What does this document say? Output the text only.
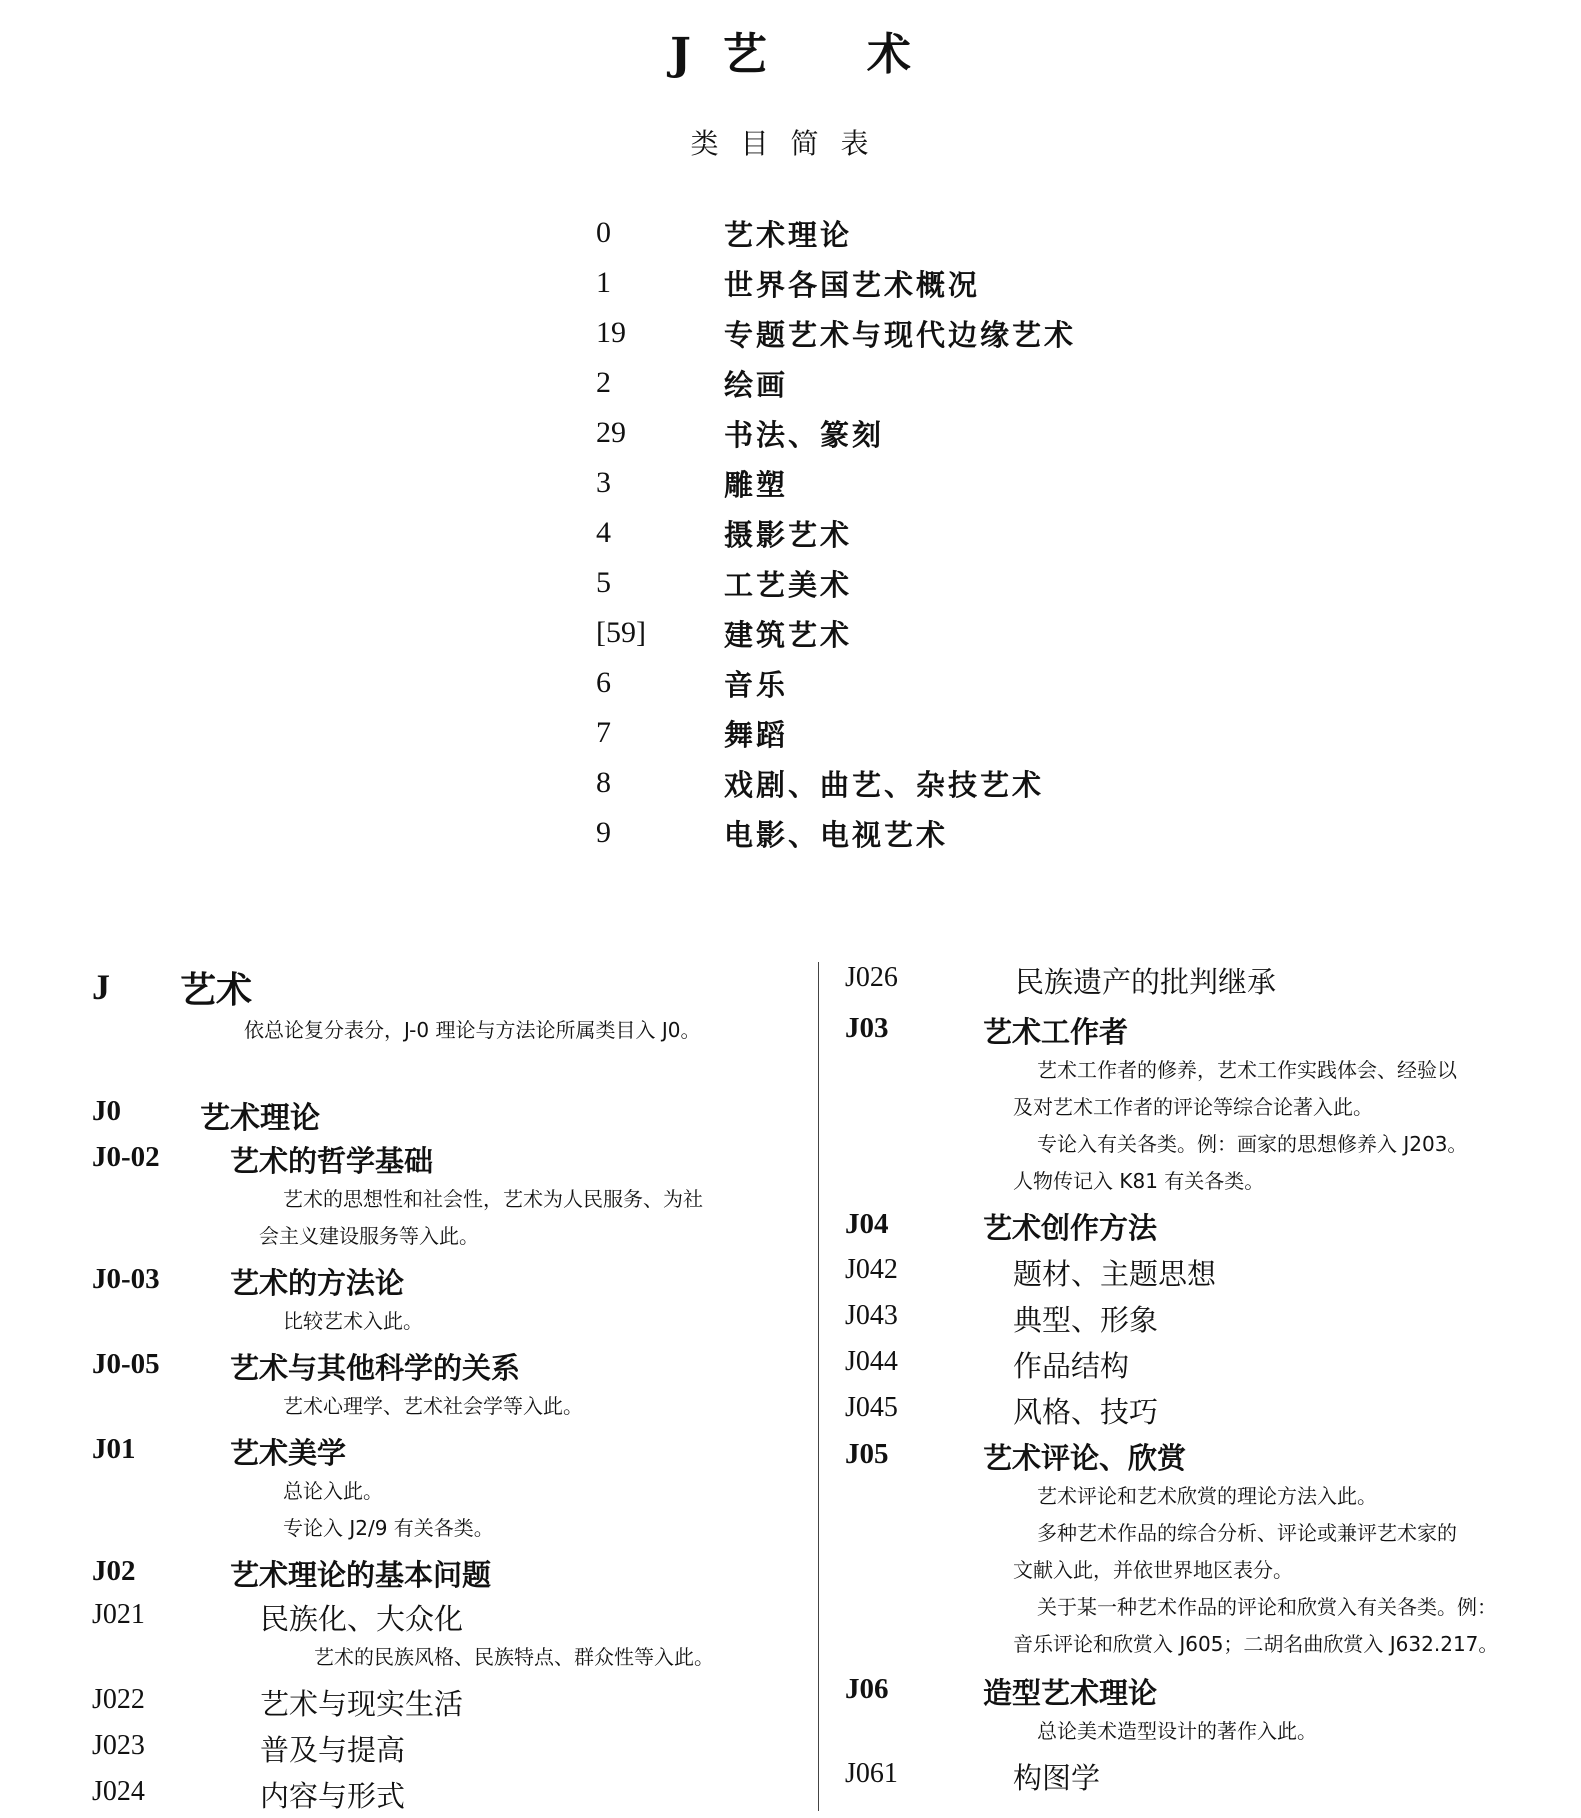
J 艺 术
类目简表
0	艺术理论
1	世界各国艺术概况
19	专题艺术与现代边缘艺术
2	绘画
29	书法、篆刻
3	雕塑
4	摄影艺术
5	工艺美术
[59]	建筑艺术
6	音乐
7	舞蹈
8	戏剧、曲艺、杂技艺术
9	电影、电视艺术
J 艺术
依总论复分表分，J-0 理论与方法论所属类目入 J0。
J0	艺术理论
J0-02 艺术的哲学基础
艺术的思想性和社会性，艺术为人民服务、为社
会主义建设服务等入此。
J0-03 艺术的方法论
比较艺术入此。
J0-05 艺术与其他科学的关系
艺术心理学、艺术社会学等入此。
J01	艺术美学
总论入此。
专论入 J2/9 有关各类。
J02	艺术理论的基本问题
J021	民族化、大众化
艺术的民族风格、民族特点、群众性等入此。
J022	艺术与现实生活
J023	普及与提高
J024	内容与形式
J026	民族遗产的批判继承
J03	艺术工作者
艺术工作者的修养，艺术工作实践体会、经验以
及对艺术工作者的评论等综合论著入此。
专论入有关各类。例：画家的思想修养入 J203。
人物传记入 K81 有关各类。
J04	艺术创作方法
J042	题材、主题思想
J043	典型、形象
J044	作品结构
J045	风格、技巧
J05	艺术评论、欣赏
艺术评论和艺术欣赏的理论方法入此。
多种艺术作品的综合分析、评论或兼评艺术家的
文献入此，并依世界地区表分。
关于某一种艺术作品的评论和欣赏入有关各类。例：
音乐评论和欣赏入 J605；二胡名曲欣赏入 J632.217。
J06	造型艺术理论
总论美术造型设计的著作入此。
J061	构图学
